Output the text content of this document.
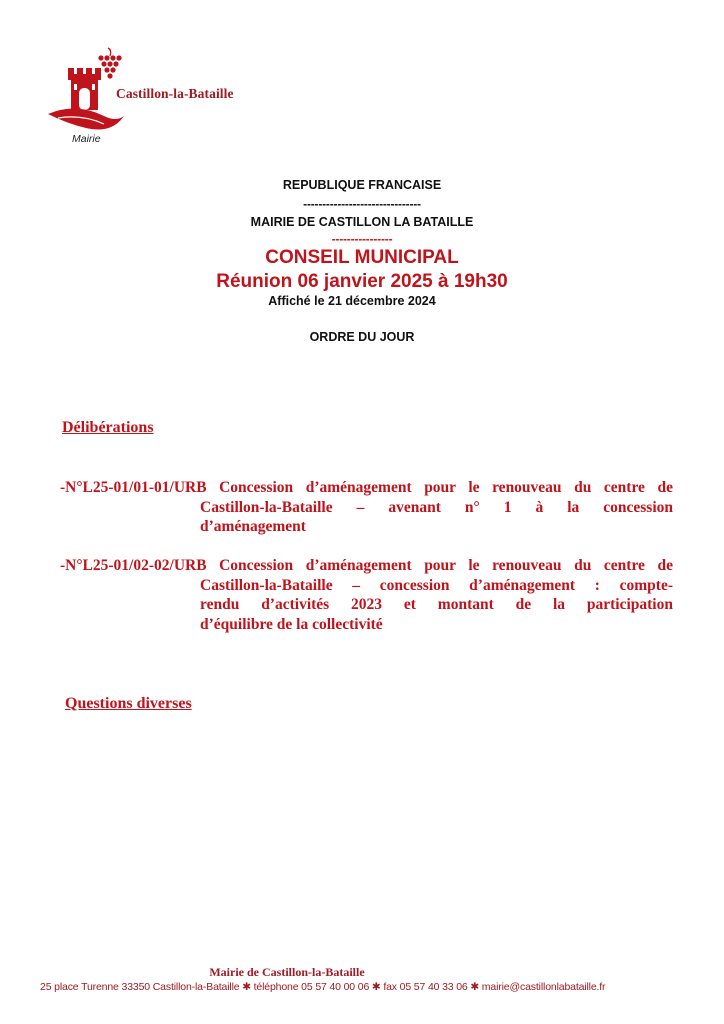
Castillon-la-Bataille
Mairie
REPUBLIQUE FRANCAISE
-------------------------------
MAIRIE DE CASTILLON LA BATAILLE
----------------
CONSEIL MUNICIPAL
Réunion 06 janvier 2025 à 19h30
Affiché le 21 décembre 2024
ORDRE DU JOUR
Délibérations
-N°L25-01/01-01/URB Concession d’aménagement pour le renouveau du centre de
Castillon-la-Bataille – avenant n° 1 à la concession
d’aménagement
-N°L25-01/02-02/URB Concession d’aménagement pour le renouveau du centre de
Castillon-la-Bataille – concession d’aménagement : compte-
rendu d’activités 2023 et montant de la participation
d’équilibre de la collectivité
Questions diverses
Mairie de Castillon-la-Bataille
25 place Turenne 33350 Castillon-la-Bataille ✱ téléphone 05 57 40 00 06 ✱ fax 05 57 40 33 06 ✱ mairie@castillonlabataille.fr
